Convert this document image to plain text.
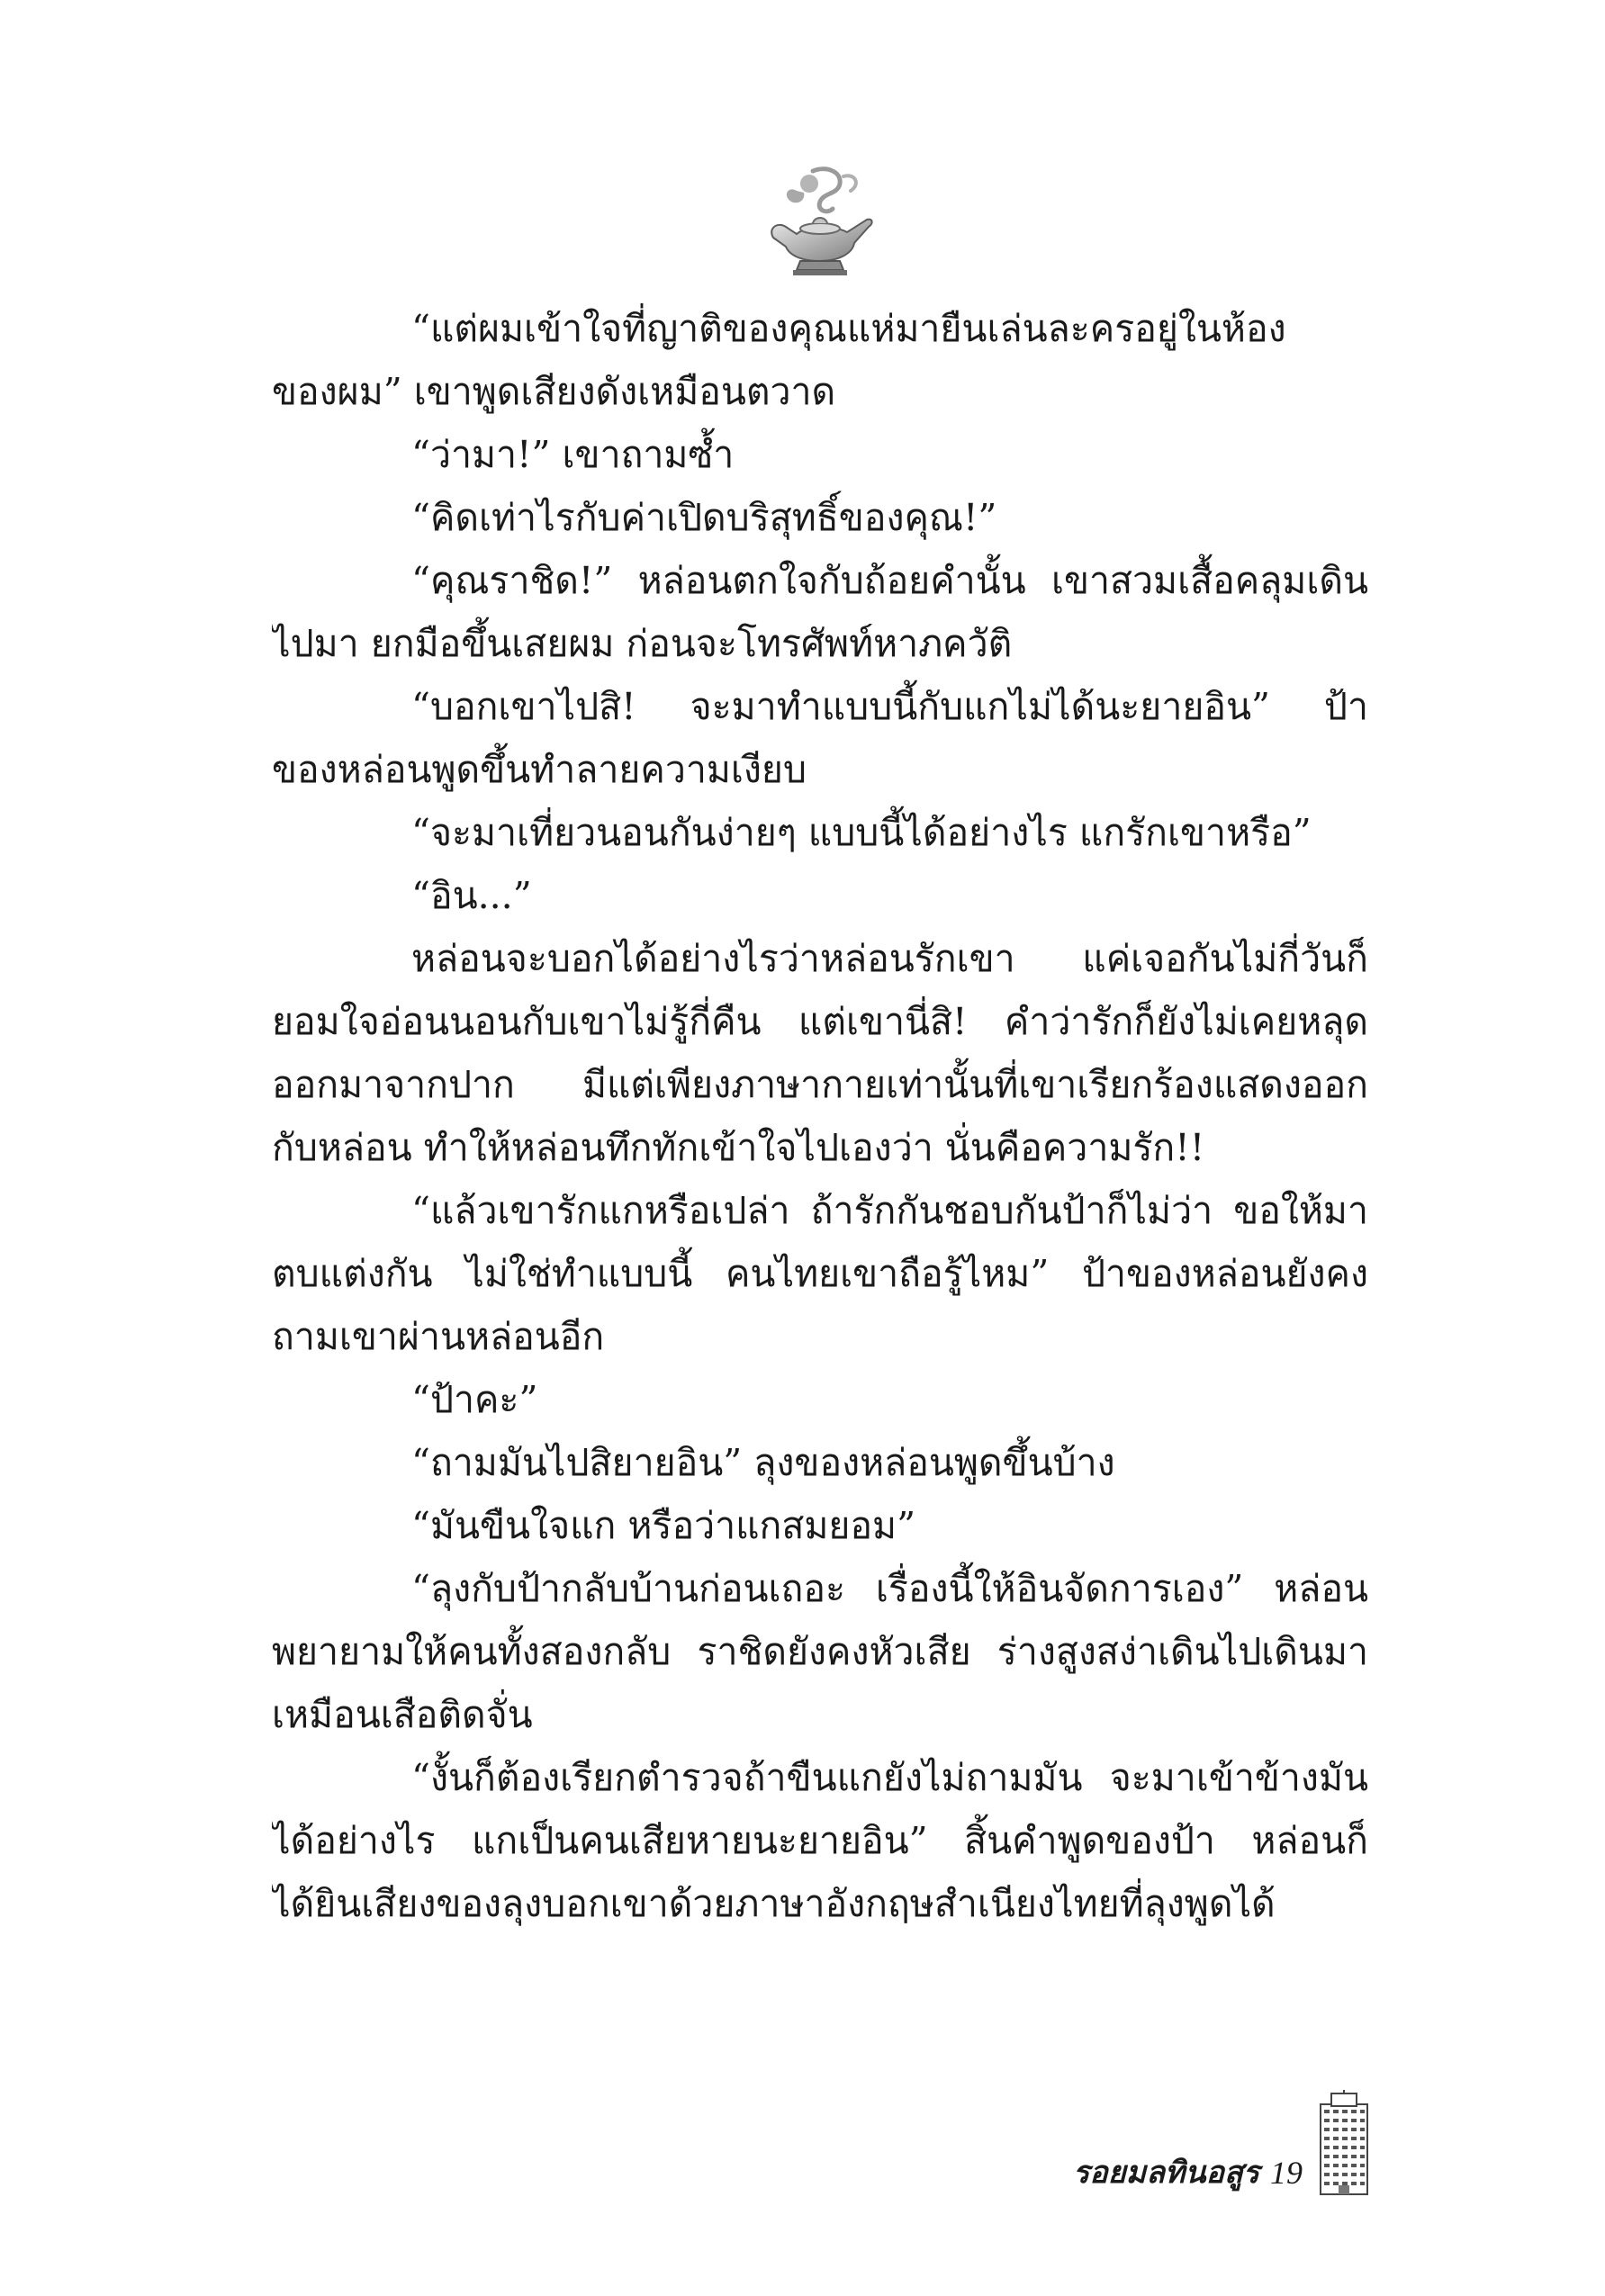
“แต่ผมเข้าใจที่ญาติของคุณแห่มายืนเล่นละครอยู่ในห้อง
ของผม” เขาพูดเสียงดังเหมือนตวาด
“ว่ามา!” เขาถามซ้ำ
“คิดเท่าไรกับค่าเปิดบริสุทธิ์ของคุณ!”
“คุณราชิด!” หล่อนตกใจกับถ้อยคำนั้น เขาสวมเสื้อคลุมเดิน
ไปมา ยกมือขึ้นเสยผม ก่อนจะโทรศัพท์หาภควัติ
“บอกเขาไปสิ! จะมาทำแบบนี้กับแกไม่ได้นะยายอิน” ป้า
ของหล่อนพูดขึ้นทำลายความเงียบ
“จะมาเที่ยวนอนกันง่ายๆ แบบนี้ได้อย่างไร แกรักเขาหรือ”
“อิน...”
หล่อนจะบอกได้อย่างไรว่าหล่อนรักเขา แค่เจอกันไม่กี่วันก็
ยอมใจอ่อนนอนกับเขาไม่รู้กี่คืน แต่เขานี่สิ! คำว่ารักก็ยังไม่เคยหลุด
ออกมาจากปาก มีแต่เพียงภาษากายเท่านั้นที่เขาเรียกร้องแสดงออก
กับหล่อน ทำให้หล่อนทึกทักเข้าใจไปเองว่า นั่นคือความรัก!!
“แล้วเขารักแกหรือเปล่า ถ้ารักกันชอบกันป้าก็ไม่ว่า ขอให้มา
ตบแต่งกัน ไม่ใช่ทำแบบนี้ คนไทยเขาถือรู้ไหม” ป้าของหล่อนยังคง
ถามเขาผ่านหล่อนอีก
“ป้าคะ”
“ถามมันไปสิยายอิน” ลุงของหล่อนพูดขึ้นบ้าง
“มันขืนใจแก หรือว่าแกสมยอม”
“ลุงกับป้ากลับบ้านก่อนเถอะ เรื่องนี้ให้อินจัดการเอง” หล่อน
พยายามให้คนทั้งสองกลับ ราชิดยังคงหัวเสีย ร่างสูงสง่าเดินไปเดินมา
เหมือนเสือติดจั่น
“งั้นก็ต้องเรียกตำรวจถ้าขืนแกยังไม่ถามมัน จะมาเข้าข้างมัน
ได้อย่างไร แกเป็นคนเสียหายนะยายอิน” สิ้นคำพูดของป้า หล่อนก็
ได้ยินเสียงของลุงบอกเขาด้วยภาษาอังกฤษสำเนียงไทยที่ลุงพูดได้
รอยมลทินอสูร 19
